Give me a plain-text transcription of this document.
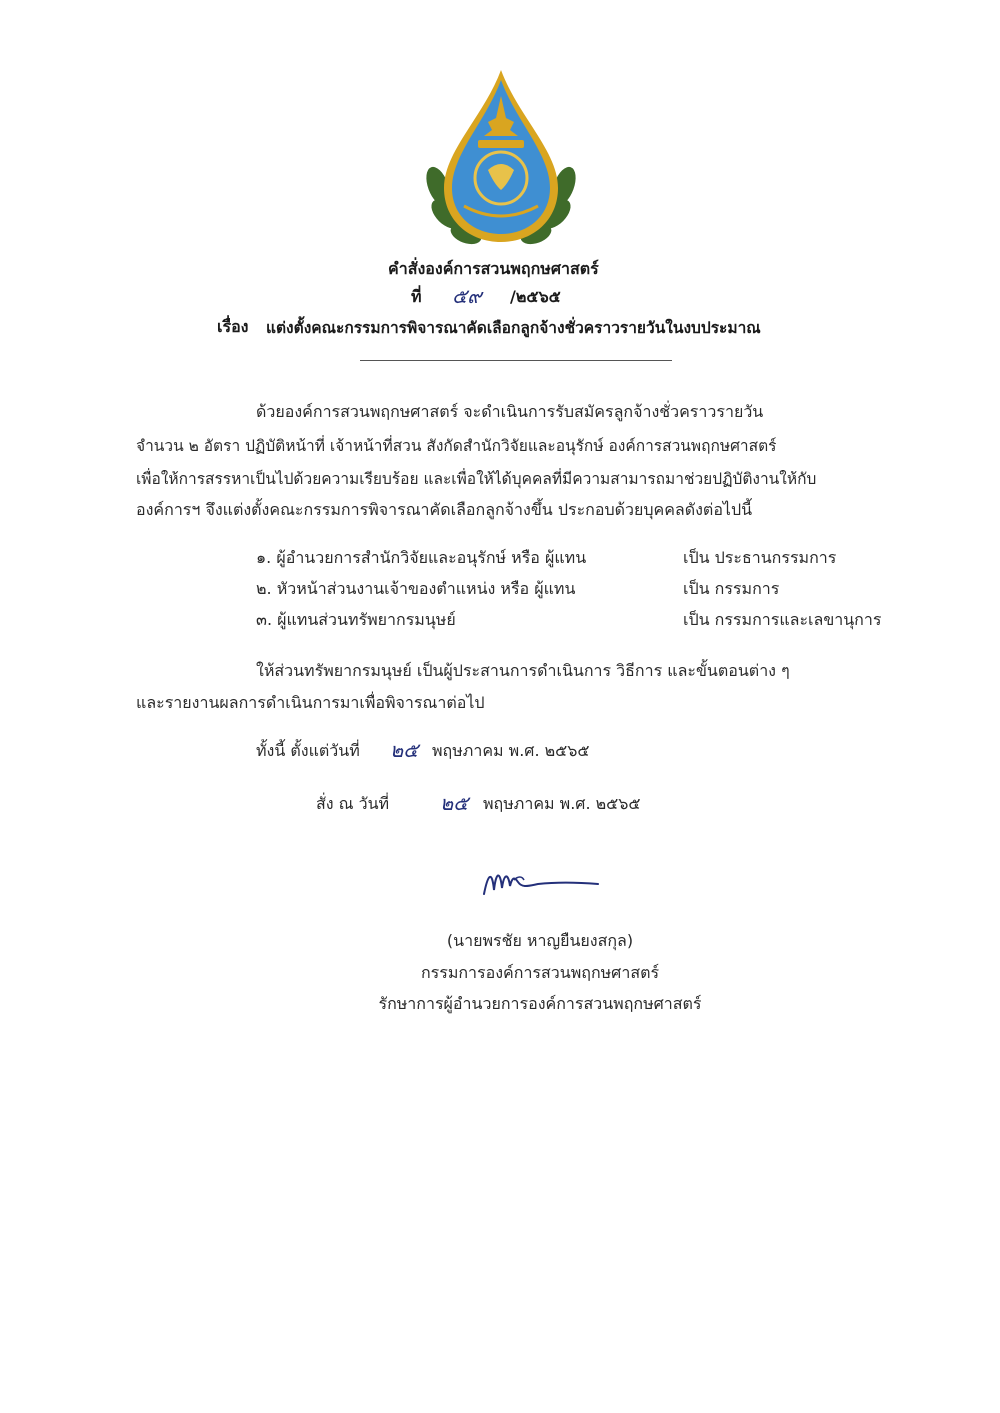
คำสั่งองค์การสวนพฤกษศาสตร์
ที่ ๕๙ /๒๕๖๕
เรื่อง แต่งตั้งคณะกรรมการพิจารณาคัดเลือกลูกจ้างชั่วคราวรายวันในงบประมาณ
ด้วยองค์การสวนพฤกษศาสตร์ จะดำเนินการรับสมัครลูกจ้างชั่วคราวรายวัน
จำนวน ๒ อัตรา ปฏิบัติหน้าที่ เจ้าหน้าที่สวน สังกัดสำนักวิจัยและอนุรักษ์ องค์การสวนพฤกษศาสตร์
เพื่อให้การสรรหาเป็นไปด้วยความเรียบร้อย และเพื่อให้ได้บุคคลที่มีความสามารถมาช่วยปฏิบัติงานให้กับ
องค์การฯ จึงแต่งตั้งคณะกรรมการพิจารณาคัดเลือกลูกจ้างขึ้น ประกอบด้วยบุคคลดังต่อไปนี้
๑. ผู้อำนวยการสำนักวิจัยและอนุรักษ์ หรือ ผู้แทน	เป็น ประธานกรรมการ
๒. หัวหน้าส่วนงานเจ้าของตำแหน่ง หรือ ผู้แทน	เป็น กรรมการ
๓. ผู้แทนส่วนทรัพยากรมนุษย์	เป็น กรรมการและเลขานุการ
ให้ส่วนทรัพยากรมนุษย์ เป็นผู้ประสานการดำเนินการ วิธีการ และขั้นตอนต่าง ๆ
และรายงานผลการดำเนินการมาเพื่อพิจารณาต่อไป
ทั้งนี้ ตั้งแต่วันที่ ๒๕ พฤษภาคม พ.ศ. ๒๕๖๕
สั่ง ณ วันที่	๒๕ พฤษภาคม พ.ศ. ๒๕๖๕
(นายพรชัย หาญยืนยงสกุล)
กรรมการองค์การสวนพฤกษศาสตร์
รักษาการผู้อำนวยการองค์การสวนพฤกษศาสตร์
